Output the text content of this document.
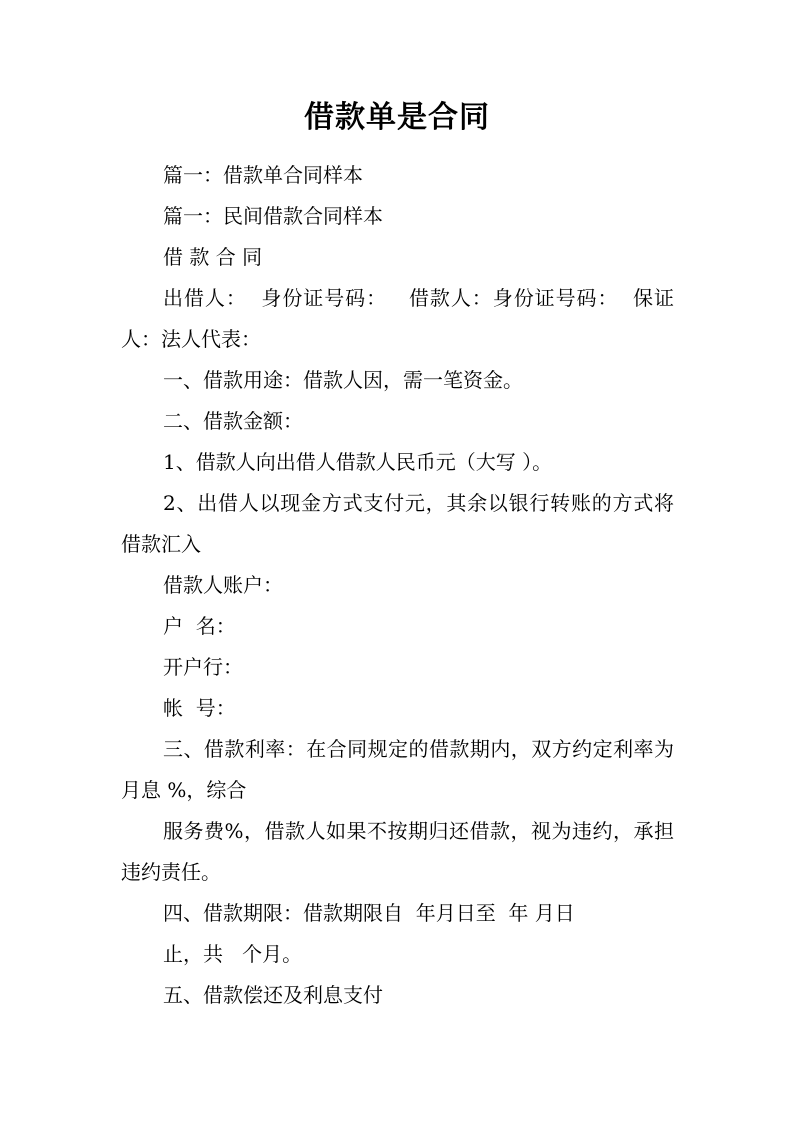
借款单是合同

篇一：借款单合同样本

篇一：民间借款合同样本

借 款 合 同

出借人：  身份证号码：   借款人：身份证号码：  保证人：法人代表：

一、借款用途：借款人因，需一笔资金。

二、借款金额：

1、借款人向出借人借款人民币元（大写 ）。

2、出借人以现金方式支付元，其余以银行转账的方式将借款汇入

借款人账户：

户  名：

开户行：

帐  号：

三、借款利率：在合同规定的借款期内，双方约定利率为月息 %，综合

服务费%，借款人如果不按期归还借款，视为违约，承担违约责任。

四、借款期限：借款期限自  年月日至  年 月日

止，共   个月。

五、借款偿还及利息支付
